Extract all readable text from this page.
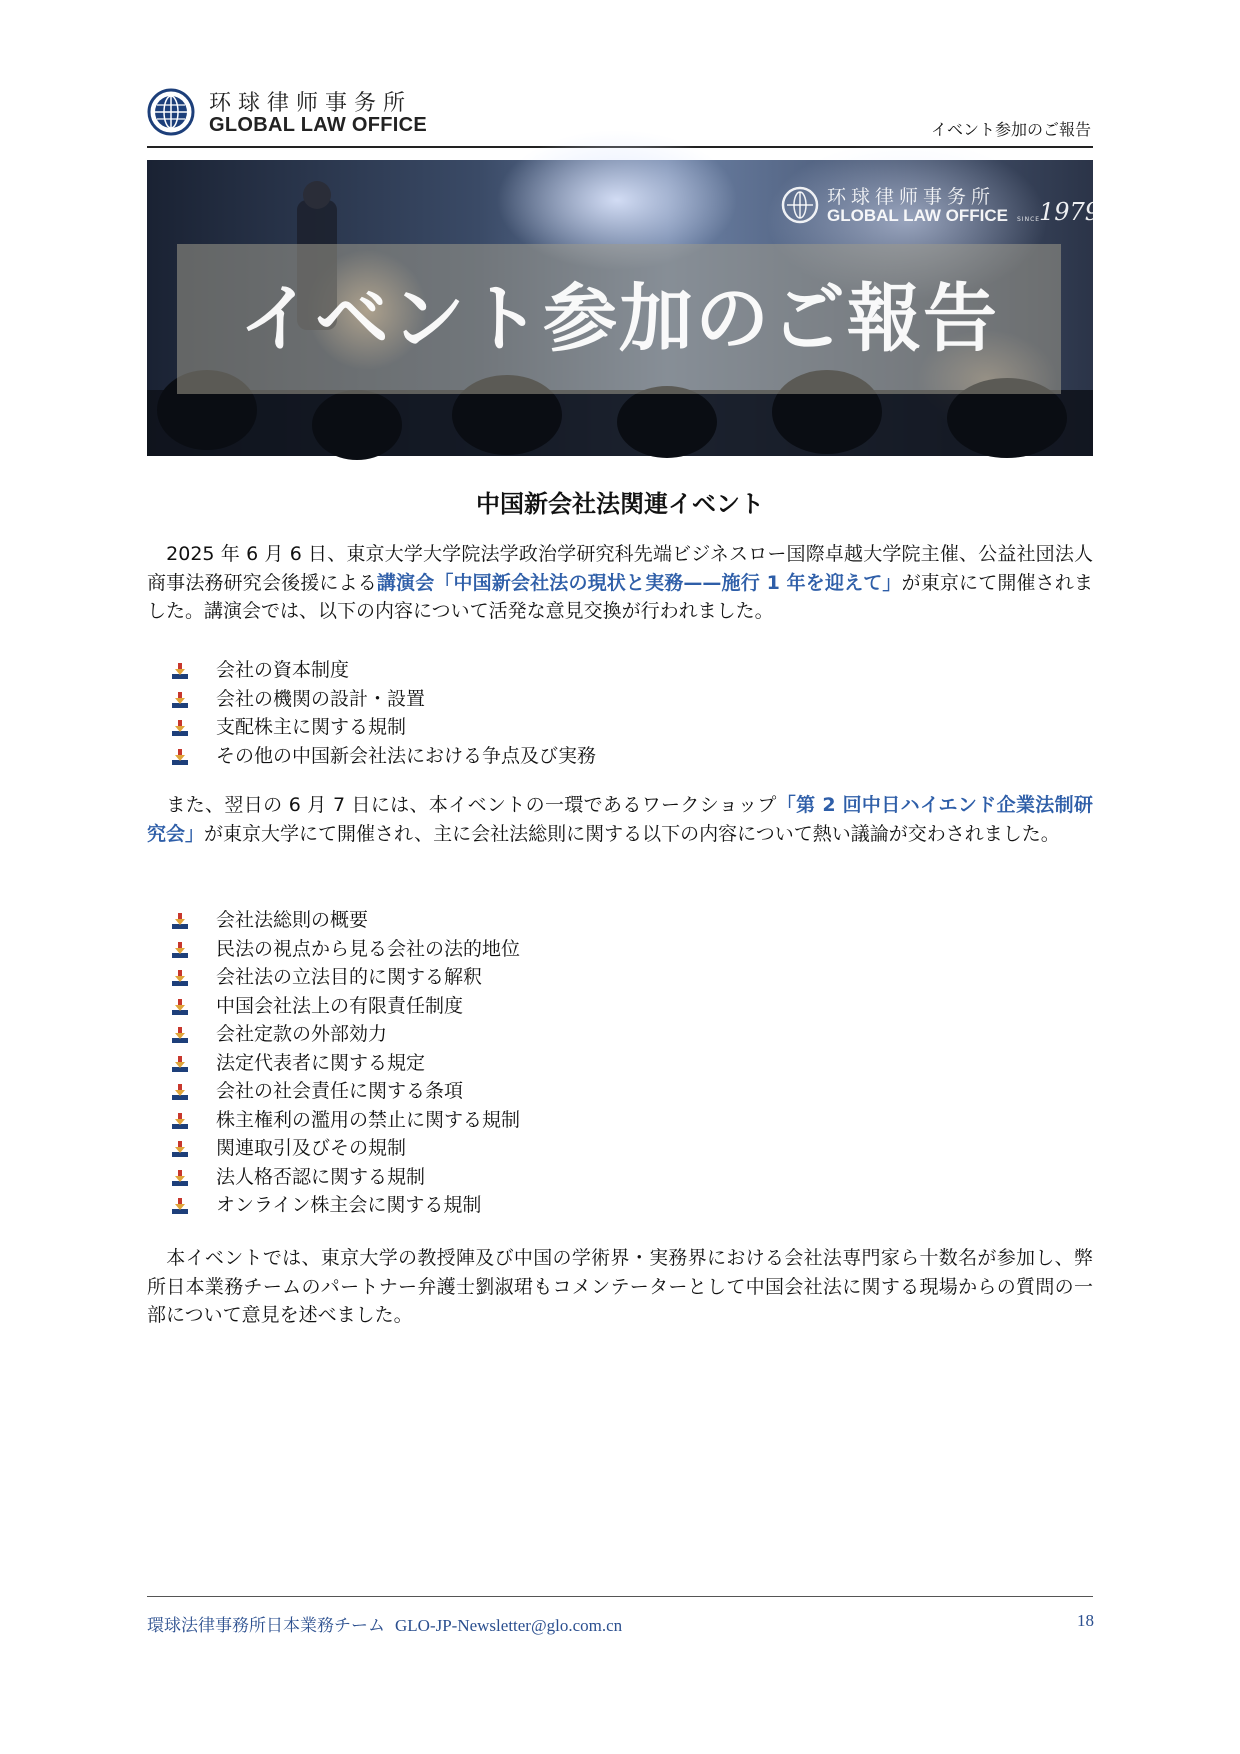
环球律师事务所
GLOBAL LAW OFFICE	イベント参加のご報告
环球律师事务所
GLOBAL LAW OFFICE SINCE
1979
イベント参加のご報告
中国新会社法関連イベント

　2025 年 6 月 6 日、東京大学大学院法学政治学研究科先端ビジネスロー国際卓越大学院主催、公益社団法人商事法務研究会後援による講演会「中国新会社法の現状と実務——施行 1 年を迎えて」が東京にて開催されました。講演会では、以下の内容について活発な意見交換が行われました。

会社の資本制度
会社の機関の設計・設置
支配株主に関する規制
その他の中国新会社法における争点及び実務

　また、翌日の 6 月 7 日には、本イベントの一環であるワークショップ「第 2 回中日ハイエンド企業法制研究会」が東京大学にて開催され、主に会社法総則に関する以下の内容について熱い議論が交わされました。

会社法総則の概要
民法の視点から見る会社の法的地位
会社法の立法目的に関する解釈
中国会社法上の有限責任制度
会社定款の外部効力
法定代表者に関する規定
会社の社会責任に関する条項
株主権利の濫用の禁止に関する規制
関連取引及びその規制
法人格否認に関する規制
オンライン株主会に関する規制

　本イベントでは、東京大学の教授陣及び中国の学術界・実務界における会社法専門家ら十数名が参加し、弊所日本業務チームのパートナー弁護士劉淑珺もコメンテーターとして中国会社法に関する現場からの質問の一部について意見を述べました。

環球法律事務所日本業務チーム GLO-JP-Newsletter@glo.com.cn	18
